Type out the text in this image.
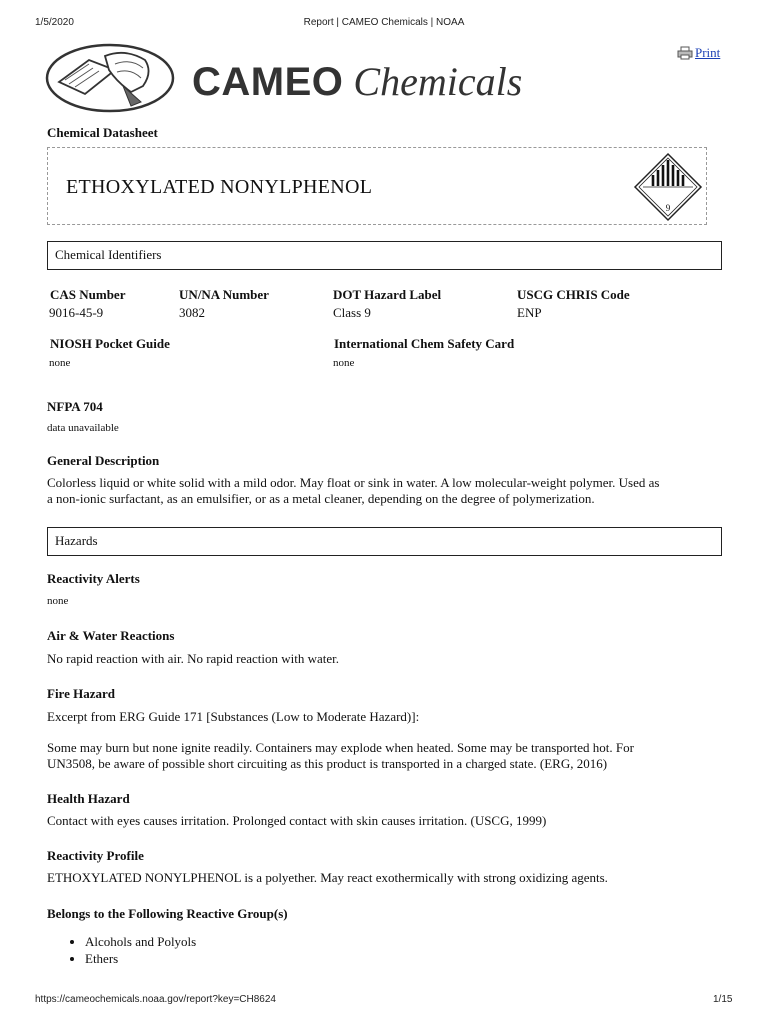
1/5/2020	Report | CAMEO Chemicals | NOAA
Print
CAMEO Chemicals
Chemical Datasheet
ETHOXYLATED NONYLPHENOL
9
Chemical Identifiers
CAS Number
9016-45-9
UN/NA Number
3082
DOT Hazard Label
Class 9
USCG CHRIS Code
ENP
NIOSH Pocket Guide
none
International Chem Safety Card
none
NFPA 704
data unavailable
General Description
Colorless liquid or white solid with a mild odor. May float or sink in water. A low molecular-weight polymer. Used as
a non-ionic surfactant, as an emulsifier, or as a metal cleaner, depending on the degree of polymerization.
Hazards
Reactivity Alerts
none
Air & Water Reactions
No rapid reaction with air. No rapid reaction with water.
Fire Hazard
Excerpt from ERG Guide 171 [Substances (Low to Moderate Hazard)]:
Some may burn but none ignite readily. Containers may explode when heated. Some may be transported hot. For
UN3508, be aware of possible short circuiting as this product is transported in a charged state. (ERG, 2016)
Health Hazard
Contact with eyes causes irritation. Prolonged contact with skin causes irritation. (USCG, 1999)
Reactivity Profile
ETHOXYLATED NONYLPHENOL is a polyether. May react exothermically with strong oxidizing agents.
Belongs to the Following Reactive Group(s)
• Alcohols and Polyols
• Ethers
https://cameochemicals.noaa.gov/report?key=CH8624	1/15
